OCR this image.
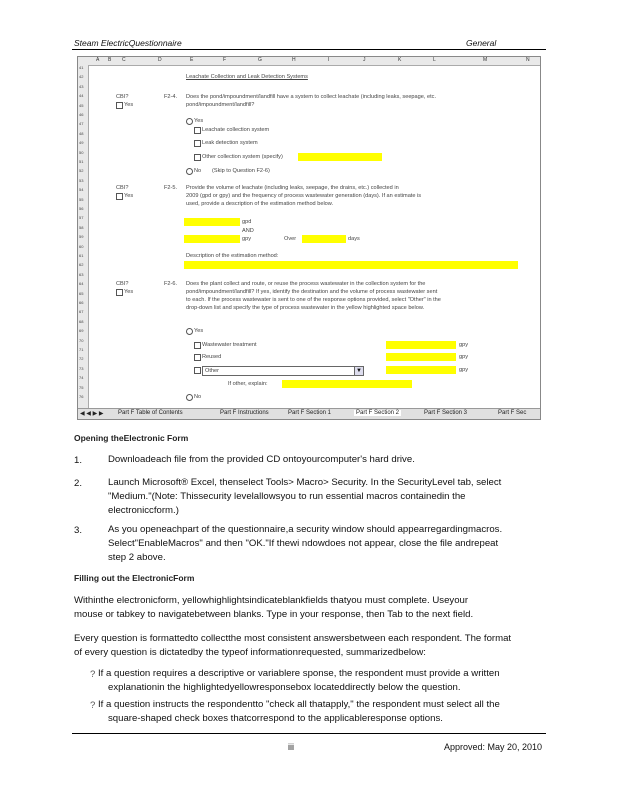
Steam ElectricQuestionnaire	General
A B C	D	E	F	G	H	I	J	K	L	M	N
41
42
43
44
45
46
47
48
49
50
51
52
53
54
55
56
57
58
59
60
61
62
63
64
65
66
67
68
69
70
71
72
73
74
75
76
Leachate Collection and Leak Detection Systems
CBI?
Yes
F2-4. Does the pond/impoundment/landfill have a system to collect leachate (including leaks, seepage, etc.
pond/impoundment/landfill?
Yes
Leachate collection system
Leak detection system
Other collection system (specify)
No (Skip to Question F2-6)
CBI?
Yes
F2-5. Provide the volume of leachate (including leaks, seepage, the drains, etc.) collected in
2009 (gpd or gpy) and the frequency of process wastewater generation (days). If an estimate is
used, provide a description of the estimation method below.
gpd
AND
gpy	Over	days
Description of the estimation method:
CBI?
Yes
F2-6. Does the plant collect and route, or reuse the process wastewater in the collection system for the
pond/impoundment/landfill? If yes, identify the destination and the volume of process wastewater sent
to each. If the process wastewater is sent to one of the response options provided, select "Other" in the
drop-down list and specify the type of process wastewater in the yellow highlighted space below.
Yes
Wastewater treatment	gpy
Reused	gpy
Other	▼	gpy
If other, explain:
No
◀ ◀ ▶ ▶ Part F Table of Contents	Part F Instructions	Part F Section 1	Part F Section 2	Part F Section 3	Part F Sec
Opening theElectronic Form
1.	Downloadeach file from the provided CD ontoyourcomputer's hard drive.
2.	Launch Microsoft® Excel, thenselect Tools> Macro> Security. In the SecurityLevel tab, select
"Medium."(Note: Thissecurity levelallowsyou to run essential macros containedin the
electroniccform.)
3.	As you openeachpart of the questionnaire,a security window should appearregardingmacros.
Select"EnableMacros" and then "OK."If thewi ndowdoes not appear, close the file andrepeat
step 2 above.
Filling out the ElectronicForm
Withinthe electronicform, yellowhighlightsindicateblankfields thatyou must complete. Useyour
mouse or tabkey to navigatebetween blanks. Type in your response, then Tab to the next field.
Every question is formattedto collectthe most consistent answersbetween each respondent. The format
of every question is dictatedby the typeof informationrequested, summarizedbelow:
? If a question requires a descriptive or variablere sponse, the respondent must provide a written
explanationin the highlightedyellowresponsebox locateddirectly below the question.
? If a question instructs the respondentto "check all thatapply," the respondent must select all the
square-shaped check boxes thatcorrespond to the applicableresponse options.
iii	Approved: May 20, 2010
